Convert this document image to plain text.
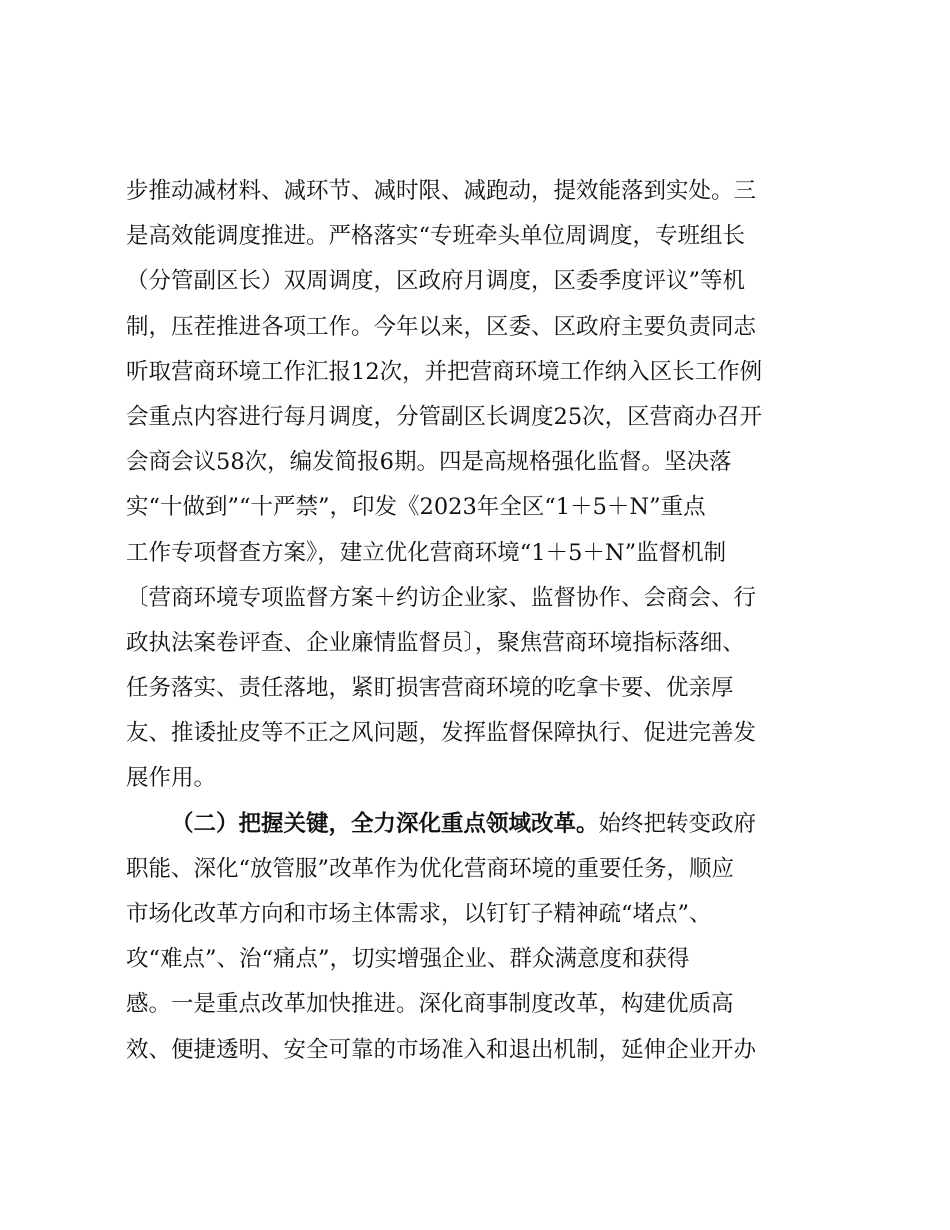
步推动减材料、减环节、减时限、减跑动，提效能落到实处。三
是高效能调度推进。严格落实“专班牵头单位周调度，专班组长
（分管副区长）双周调度，区政府月调度，区委季度评议”等机
制，压茬推进各项工作。今年以来，区委、区政府主要负责同志
听取营商环境工作汇报12次，并把营商环境工作纳入区长工作例
会重点内容进行每月调度，分管副区长调度25次，区营商办召开
会商会议58次，编发简报6期。四是高规格强化监督。坚决落
实“十做到”“十严禁”，印发《2023年全区“1＋5＋N”重点
工作专项督查方案》，建立优化营商环境“1＋5＋N”监督机制
〔营商环境专项监督方案＋约访企业家、监督协作、会商会、行
政执法案卷评查、企业廉情监督员〕，聚焦营商环境指标落细、
任务落实、责任落地，紧盯损害营商环境的吃拿卡要、优亲厚
友、推诿扯皮等不正之风问题，发挥监督保障执行、促进完善发
展作用。
（二）把握关键，全力深化重点领域改革。始终把转变政府
职能、深化“放管服”改革作为优化营商环境的重要任务，顺应
市场化改革方向和市场主体需求，以钉钉子精神疏“堵点”、
攻“难点”、治“痛点”，切实增强企业、群众满意度和获得
感。一是重点改革加快推进。深化商事制度改革，构建优质高
效、便捷透明、安全可靠的市场准入和退出机制，延伸企业开办
